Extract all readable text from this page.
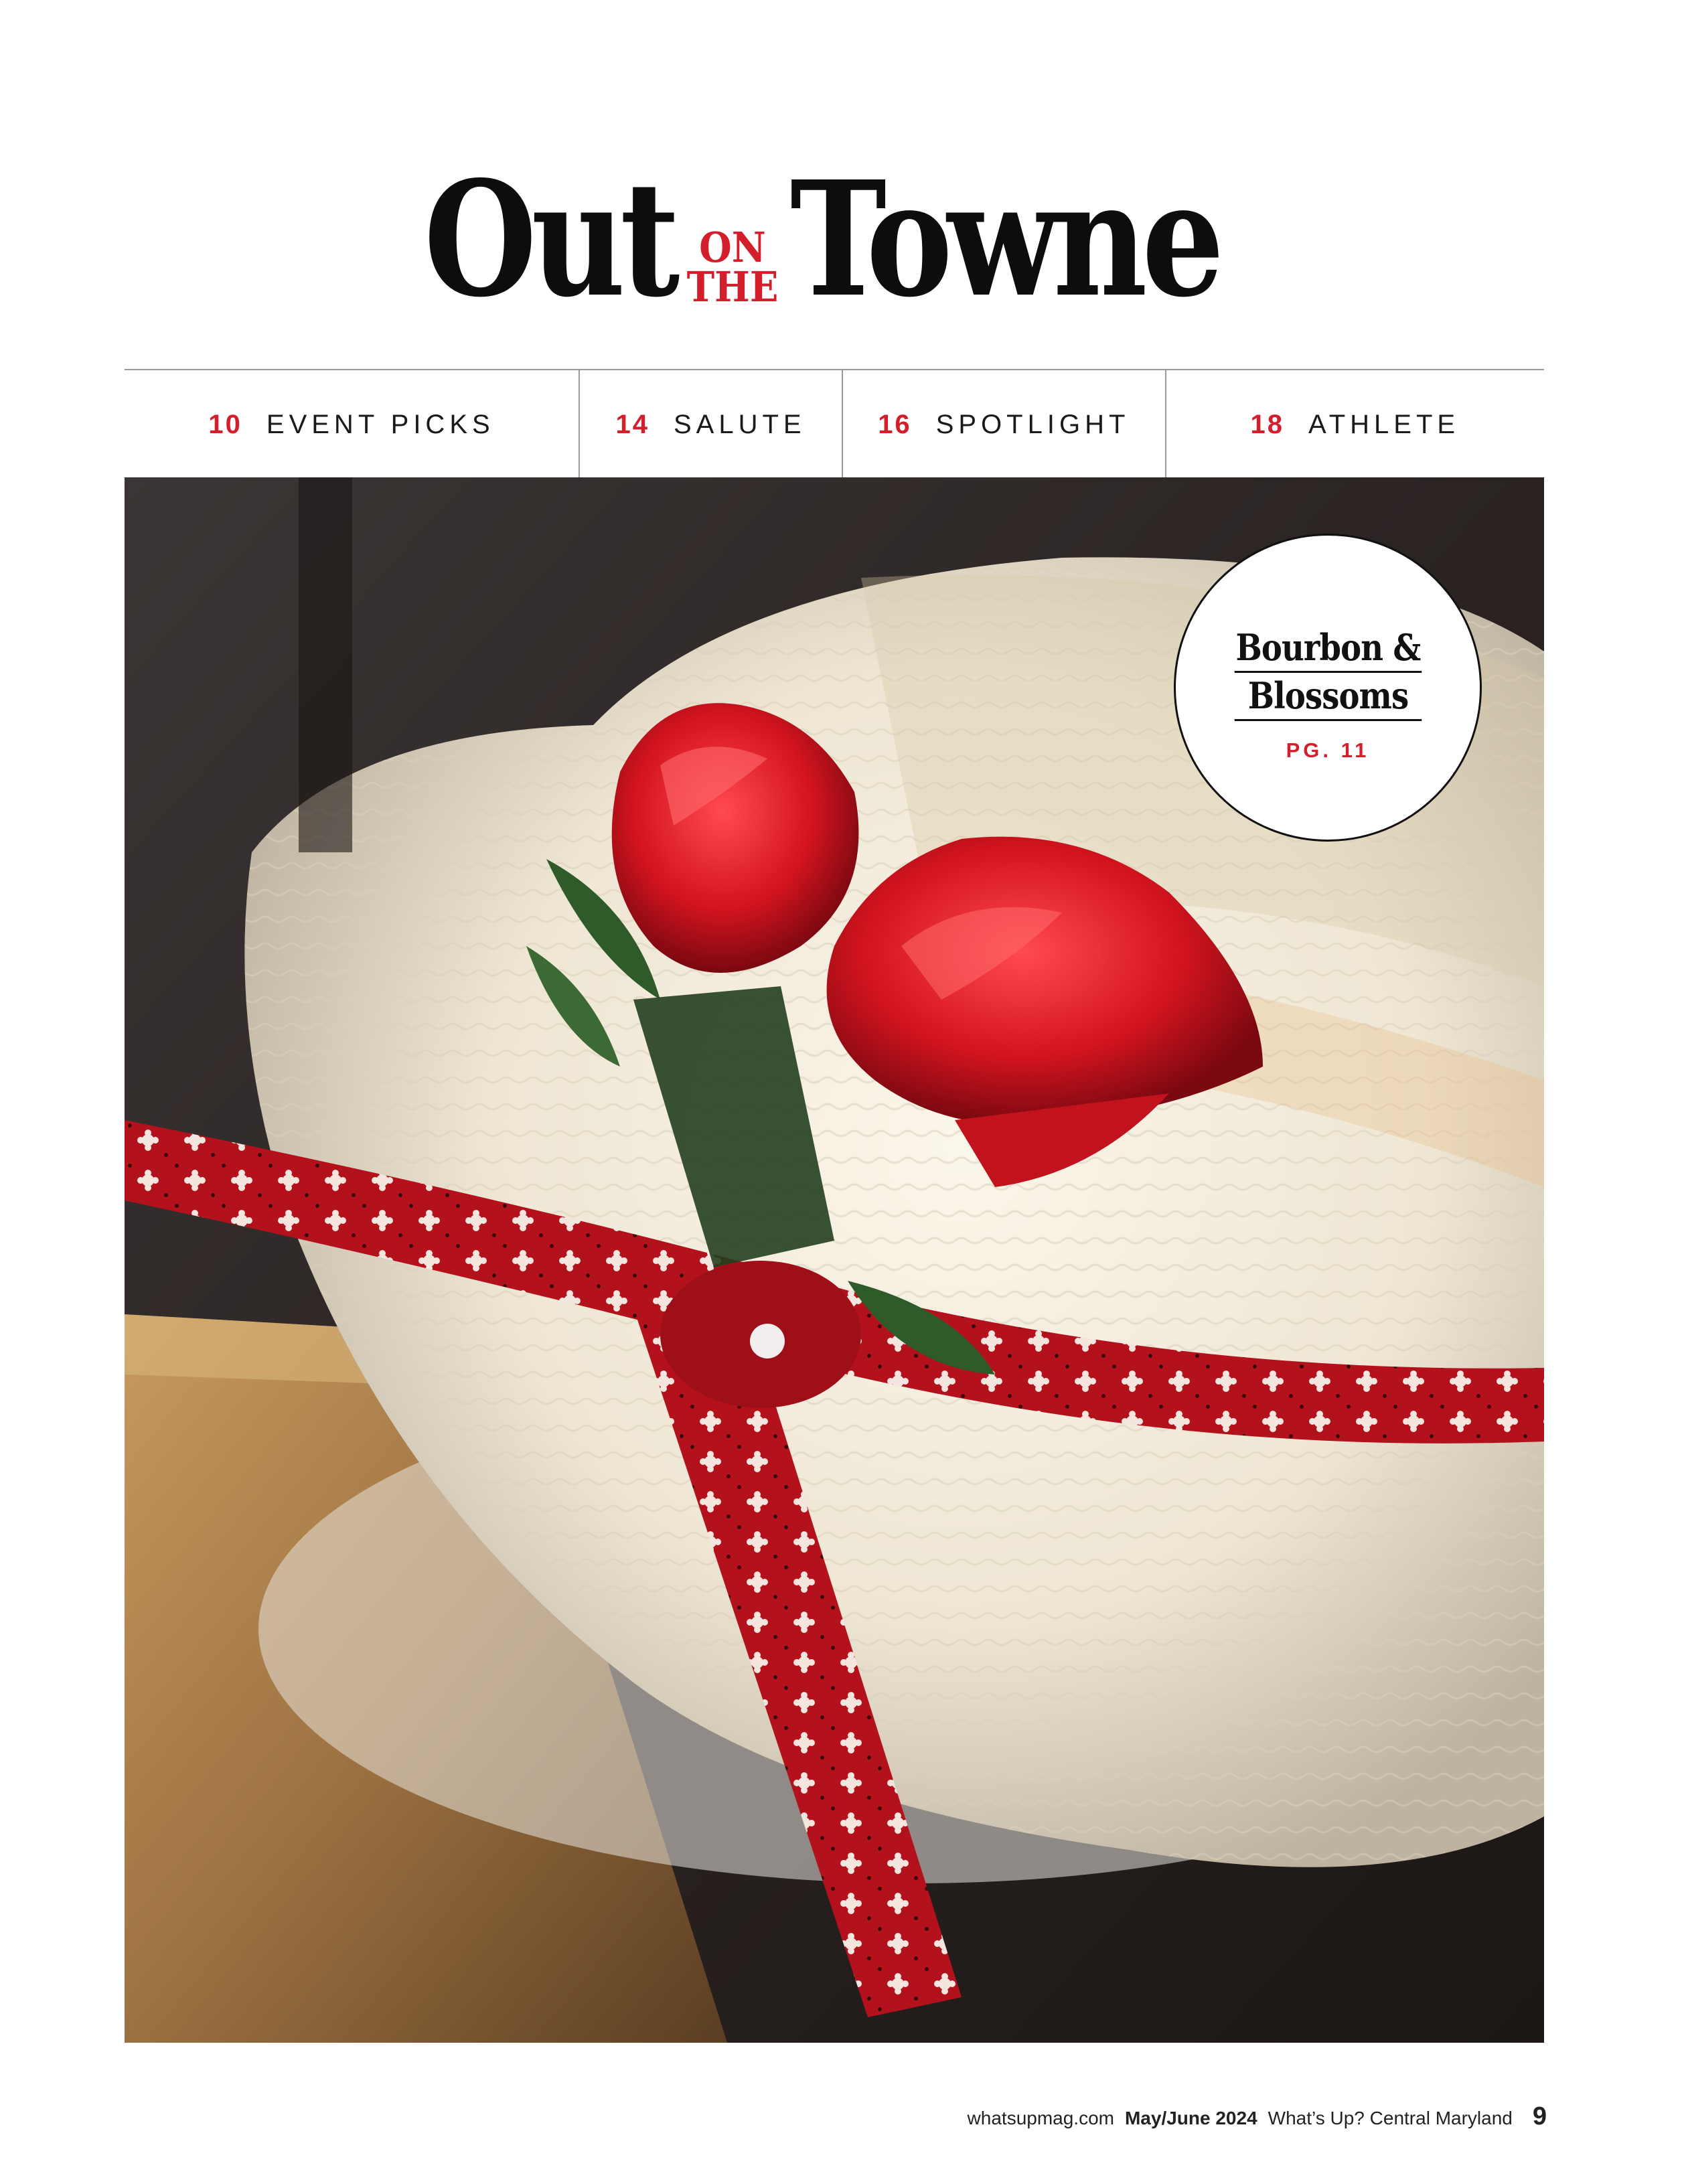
Out ON
THE Towne
10 EVENT PICKS	14 SALUTE	16 SPOTLIGHT	18 ATHLETE
Bourbon &
Blossoms
PG. 11
whatsupmag.com May/June 2024 What’s Up? Central Maryland 9
